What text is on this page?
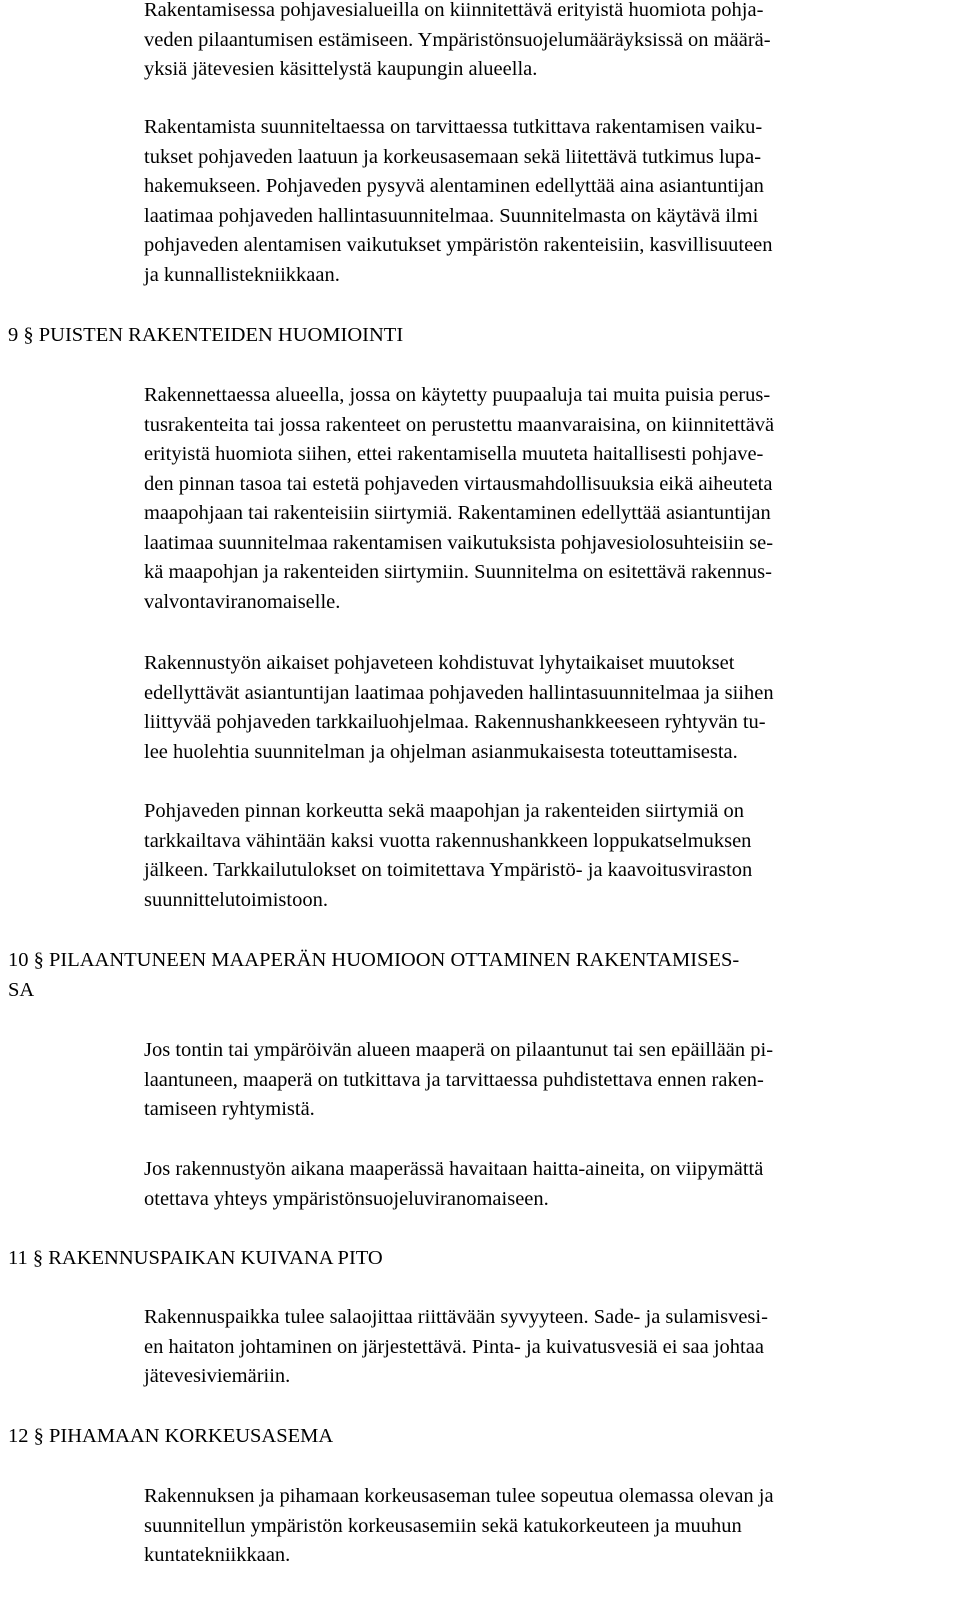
Rakentamisessa pohjavesialueilla on kiinnitettävä erityistä huomiota pohja-
veden pilaantumisen estämiseen. Ympäristönsuojelumääräyksissä on määrä-
yksiä jätevesien käsittelystä kaupungin alueella.

Rakentamista suunniteltaessa on tarvittaessa tutkittava rakentamisen vaiku-
tukset pohjaveden laatuun ja korkeusasemaan sekä liitettävä tutkimus lupa-
hakemukseen. Pohjaveden pysyvä alentaminen edellyttää aina asiantuntijan
laatimaa pohjaveden hallintasuunnitelmaa. Suunnitelmasta on käytävä ilmi
pohjaveden alentamisen vaikutukset ympäristön rakenteisiin, kasvillisuuteen
ja kunnallistekniikkaan.

9 § PUISTEN RAKENTEIDEN HUOMIOINTI

Rakennettaessa alueella, jossa on käytetty puupaaluja tai muita puisia perus-
tusrakenteita tai jossa rakenteet on perustettu maanvaraisina, on kiinnitettävä
erityistä huomiota siihen, ettei rakentamisella muuteta haitallisesti pohjave-
den pinnan tasoa tai estetä pohjaveden virtausmahdollisuuksia eikä aiheuteta
maapohjaan tai rakenteisiin siirtymiä. Rakentaminen edellyttää asiantuntijan
laatimaa suunnitelmaa rakentamisen vaikutuksista pohjavesiolosuhteisiin se-
kä maapohjan ja rakenteiden siirtymiin. Suunnitelma on esitettävä rakennus-
valvontaviranomaiselle.

Rakennustyön aikaiset pohjaveteen kohdistuvat lyhytaikaiset muutokset
edellyttävät asiantuntijan laatimaa pohjaveden hallintasuunnitelmaa ja siihen
liittyvää pohjaveden tarkkailuohjelmaa. Rakennushankkeeseen ryhtyvän tu-
lee huolehtia suunnitelman ja ohjelman asianmukaisesta toteuttamisesta.

Pohjaveden pinnan korkeutta sekä maapohjan ja rakenteiden siirtymiä on
tarkkailtava vähintään kaksi vuotta rakennushankkeen loppukatselmuksen
jälkeen. Tarkkailutulokset on toimitettava Ympäristö- ja kaavoitusviraston
suunnittelutoimistoon.

10 § PILAANTUNEEN MAAPERÄN HUOMIOON OTTAMINEN RAKENTAMISES-
SA

Jos tontin tai ympäröivän alueen maaperä on pilaantunut tai sen epäillään pi-
laantuneen, maaperä on tutkittava ja tarvittaessa puhdistettava ennen raken-
tamiseen ryhtymistä.

Jos rakennustyön aikana maaperässä havaitaan haitta-aineita, on viipymättä
otettava yhteys ympäristönsuojeluviranomaiseen.

11 § RAKENNUSPAIKAN KUIVANA PITO

Rakennuspaikka tulee salaojittaa riittävään syvyyteen. Sade- ja sulamisvesi-
en haitaton johtaminen on järjestettävä. Pinta- ja kuivatusvesiä ei saa johtaa
jätevesiviemäriin.

12 § PIHAMAAN KORKEUSASEMA

Rakennuksen ja pihamaan korkeusaseman tulee sopeutua olemassa olevan ja
suunnitellun ympäristön korkeusasemiin sekä katukorkeuteen ja muuhun
kuntatekniikkaan.
